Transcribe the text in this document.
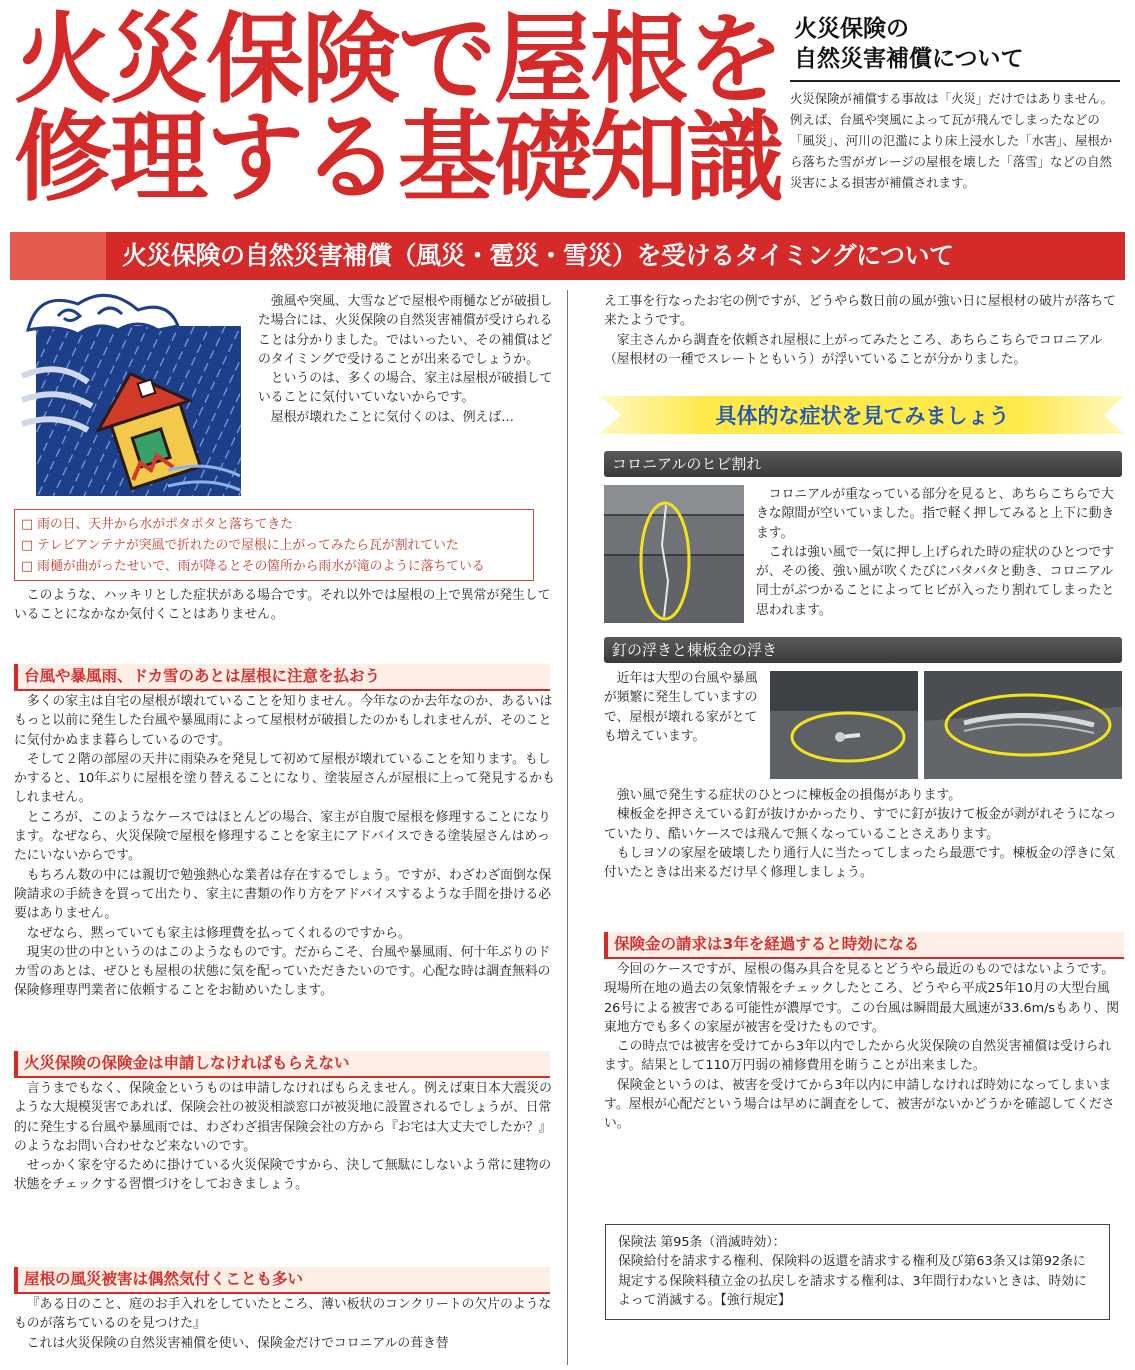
火災保険で屋根を
修理する基礎知識
火災保険の
自然災害補償について
火災保険が補償する事故は「火災」だけではありません。例えば、台風や突風によって瓦が飛んでしまったなどの「風災」、河川の氾濫により床上浸水した「水害」、屋根から落ちた雪がガレージの屋根を壊した「落雪」などの自然災害による損害が補償されます。
火災保険の自然災害補償（風災・雹災・雪災）を受けるタイミングについて

強風や突風、大雪などで屋根や雨樋などが破損した場合には、火災保険の自然災害補償が受けられることは分かりました。ではいったい、その補償はどのタイミングで受けることが出来るでしょうか。

というのは、多くの場合、家主は屋根が破損していることに気付いていないからです。

屋根が壊れたことに気付くのは、例えば…

□ 雨の日、天井から水がポタポタと落ちてきた
□ テレビアンテナが突風で折れたので屋根に上がってみたら瓦が割れていた
□ 雨樋が曲がったせいで、雨が降るとその箇所から雨水が滝のように落ちている

このような、ハッキリとした症状がある場合です。それ以外では屋根の上で異常が発生していることになかなか気付くことはありません。

台風や暴風雨、ドカ雪のあとは屋根に注意を払おう

多くの家主は自宅の屋根が壊れていることを知りません。今年なのか去年なのか、あるいはもっと以前に発生した台風や暴風雨によって屋根材が破損したのかもしれませんが、そのことに気付かぬまま暮らしているのです。

そして２階の部屋の天井に雨染みを発見して初めて屋根が壊れていることを知ります。もしかすると、10年ぶりに屋根を塗り替えることになり、塗装屋さんが屋根に上って発見するかもしれません。

ところが、このようなケースではほとんどの場合、家主が自腹で屋根を修理することになります。なぜなら、火災保険で屋根を修理することを家主にアドバイスできる塗装屋さんはめったにいないからです。

もちろん数の中には親切で勉強熱心な業者は存在するでしょう。ですが、わざわざ面倒な保険請求の手続きを買って出たり、家主に書類の作り方をアドバイスするような手間を掛ける必要はありません。

なぜなら、黙っていても家主は修理費を払ってくれるのですから。

現実の世の中というのはこのようなものです。だからこそ、台風や暴風雨、何十年ぶりのドカ雪のあとは、ぜひとも屋根の状態に気を配っていただきたいのです。心配な時は調査無料の保険修理専門業者に依頼することをお勧めいたします。

火災保険の保険金は申請しなければもらえない

言うまでもなく、保険金というものは申請しなければもらえません。例えば東日本大震災のような大規模災害であれば、保険会社の被災相談窓口が被災地に設置されるでしょうが、日常的に発生する台風や暴風雨では、わざわざ損害保険会社の方から『お宅は大丈夫でしたか？』のようなお問い合わせなど来ないのです。

せっかく家を守るために掛けている火災保険ですから、決して無駄にしないよう常に建物の状態をチェックする習慣づけをしておきましょう。

屋根の風災被害は偶然気付くことも多い

『ある日のこと、庭のお手入れをしていたところ、薄い板状のコンクリートの欠片のようなものが落ちているのを見つけた』

これは火災保険の自然災害補償を使い、保険金だけでコロニアルの葺き替

え工事を行なったお宅の例ですが、どうやら数日前の風が強い日に屋根材の破片が落ちて来たようです。

家主さんから調査を依頼され屋根に上がってみたところ、あちらこちらでコロニアル（屋根材の一種でスレートともいう）が浮いていることが分かりました。

具体的な症状を見てみましょう
コロニアルのヒビ割れ

コロニアルが重なっている部分を見ると、あちらこちらで大きな隙間が空いていました。指で軽く押してみると上下に動きます。

これは強い風で一気に押し上げられた時の症状のひとつですが、その後、強い風が吹くたびにバタバタと動き、コロニアル同士がぶつかることによってヒビが入ったり割れてしまったと思われます。

釘の浮きと棟板金の浮き

近年は大型の台風や暴風が頻繁に発生していますので、屋根が壊れる家がとても増えています。

強い風で発生する症状のひとつに棟板金の損傷があります。

棟板金を押さえている釘が抜けかかったり、すでに釘が抜けて板金が剥がれそうになっていたり、酷いケースでは飛んで無くなっていることさえあります。

もしヨソの家屋を破壊したり通行人に当たってしまったら最悪です。棟板金の浮きに気付いたときは出来るだけ早く修理しましょう。

保険金の請求は3年を経過すると時効になる

今回のケースですが、屋根の傷み具合を見るとどうやら最近のものではないようです。現場所在地の過去の気象情報をチェックしたところ、どうやら平成25年10月の大型台風26号による被害である可能性が濃厚です。この台風は瞬間最大風速が33.6m/sもあり、関東地方でも多くの家屋が被害を受けたものです。

この時点では被害を受けてから3年以内でしたから火災保険の自然災害補償は受けられます。結果として110万円弱の補修費用を賄うことが出来ました。

保険金というのは、被害を受けてから3年以内に申請しなければ時効になってしまいます。屋根が心配だという場合は早めに調査をして、被害がないかどうかを確認してください。

保険法 第95条（消滅時効）：
保険給付を請求する権利、保険料の返還を請求する権利及び第63条又は第92条に規定する保険料積立金の払戻しを請求する権利は、3年間行わないときは、時効によって消滅する。【強行規定】
